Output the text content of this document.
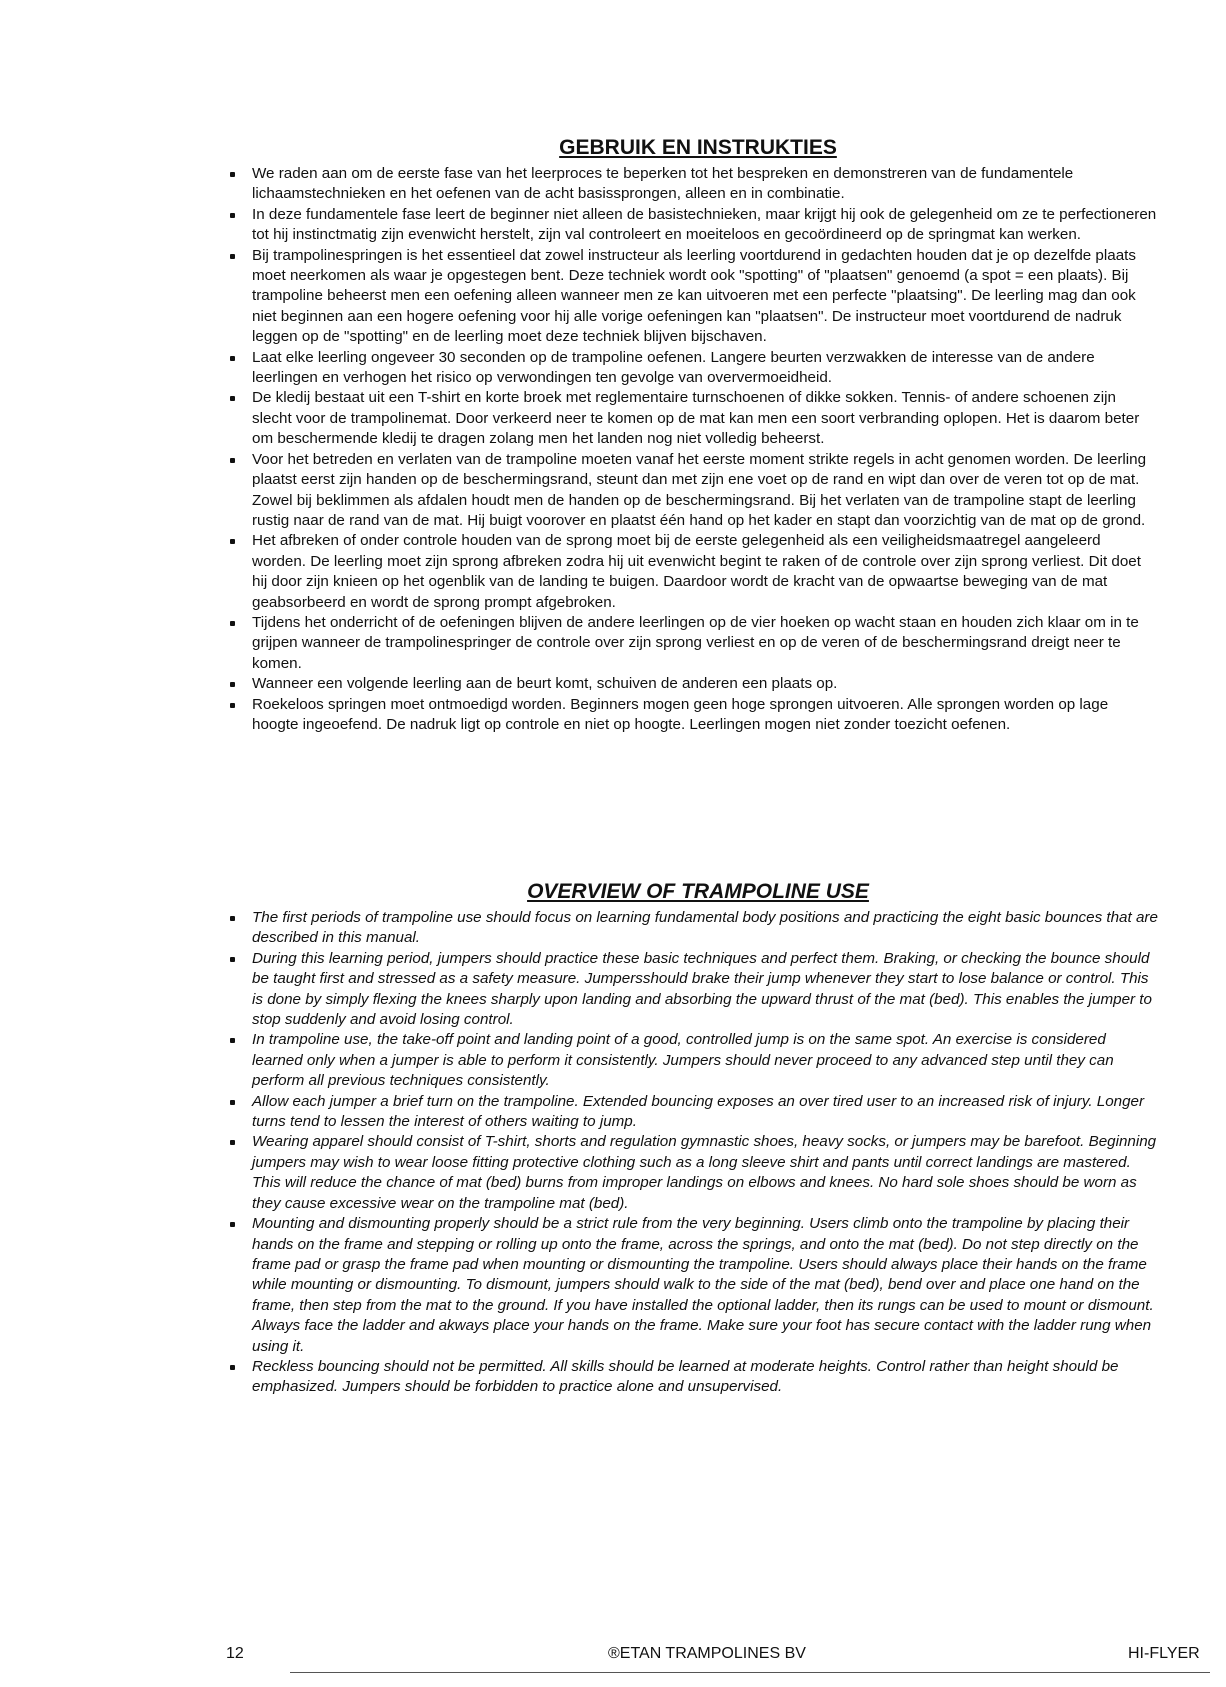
GEBRUIK EN INSTRUKTIES
We raden aan om de eerste fase van het leerproces te beperken tot het bespreken en demonstreren van de fundamentele lichaamstechnieken en het oefenen van de acht basissprongen, alleen en in combinatie.
In deze fundamentele fase leert de beginner niet alleen de basistechnieken, maar krijgt hij ook de gelegenheid om ze te perfectioneren tot hij instinctmatig zijn evenwicht herstelt, zijn val controleert en moeiteloos en gecoördineerd op de springmat kan werken.
Bij trampolinespringen is het essentieel dat zowel instructeur als leerling voortdurend in gedachten houden dat je op dezelfde plaats moet neerkomen als waar je opgestegen bent. Deze techniek wordt ook "spotting" of "plaatsen" genoemd (a spot = een plaats). Bij trampoline beheerst men een oefening alleen wanneer men ze kan uitvoeren met een perfecte "plaatsing". De leerling mag dan ook niet beginnen aan een hogere oefening voor hij alle vorige oefeningen kan "plaatsen". De instructeur moet voortdurend de nadruk leggen op de "spotting" en de leerling moet deze techniek blijven bijschaven.
Laat elke leerling ongeveer 30 seconden op de trampoline oefenen. Langere beurten verzwakken de interesse van de andere leerlingen en verhogen het risico op verwondingen ten gevolge van oververmoeidheid.
De kledij bestaat uit een T-shirt en korte broek met reglementaire turnschoenen of dikke sokken. Tennis- of andere schoenen zijn slecht voor de trampolinemat. Door verkeerd neer te komen op de mat kan men een soort verbranding oplopen. Het is daarom beter om beschermende kledij te dragen zolang men het landen nog niet volledig beheerst.
Voor het betreden en verlaten van de trampoline moeten vanaf het eerste moment strikte regels in acht genomen worden. De leerling plaatst eerst zijn handen op de beschermingsrand, steunt dan met zijn ene voet op de rand en wipt dan over de veren tot op de mat. Zowel bij beklimmen als afdalen houdt men de handen op de beschermingsrand. Bij het verlaten van de trampoline stapt de leerling rustig naar de rand van de mat. Hij buigt voorover en plaatst één hand op het kader en stapt dan voorzichtig van de mat op de grond.
Het afbreken of onder controle houden van de sprong moet bij de eerste gelegenheid als een veiligheidsmaatregel aangeleerd worden. De leerling moet zijn sprong afbreken zodra hij uit evenwicht begint te raken of de controle over zijn sprong verliest. Dit doet hij door zijn knieen op het ogenblik van de landing te buigen. Daardoor wordt de kracht van de opwaartse beweging van de mat geabsorbeerd en wordt de sprong prompt afgebroken.
Tijdens het onderricht of de oefeningen blijven de andere leerlingen op de vier hoeken op wacht staan en houden zich klaar om in te grijpen wanneer de trampolinespringer de controle over zijn sprong verliest en op de veren of de beschermingsrand dreigt neer te komen.
Wanneer een volgende leerling aan de beurt komt, schuiven de anderen een plaats op.
Roekeloos springen moet ontmoedigd worden. Beginners mogen geen hoge sprongen uitvoeren. Alle sprongen worden op lage hoogte ingeoefend. De nadruk ligt op controle en niet op hoogte. Leerlingen mogen niet zonder toezicht oefenen.
OVERVIEW OF TRAMPOLINE USE
The first periods of trampoline use should focus on learning fundamental body positions and practicing the eight basic bounces that are described in this manual.
During this learning period, jumpers should practice these basic techniques and perfect them. Braking, or checking the bounce should be taught first and stressed as a safety measure. Jumpersshould brake their jump whenever they start to lose balance or control. This is done by simply flexing the knees sharply upon landing and absorbing the upward thrust of the mat (bed). This enables the jumper to stop suddenly and avoid losing control.
In trampoline use, the take-off point and landing point of a good, controlled jump is on the same spot. An exercise is considered learned only when a jumper is able to perform it consistently. Jumpers should never proceed to any advanced step until they can perform all previous techniques consistently.
Allow each jumper a brief turn on the trampoline. Extended bouncing exposes an over tired user to an increased risk of injury. Longer turns tend to lessen the interest of others waiting to jump.
Wearing apparel should consist of T-shirt, shorts and regulation gymnastic shoes, heavy socks, or jumpers may be barefoot. Beginning jumpers may wish to wear loose fitting protective clothing such as a long sleeve shirt and pants until correct landings are mastered. This will reduce the chance of mat (bed) burns from improper landings on elbows and knees. No hard sole shoes should be worn as they cause excessive wear on the trampoline mat (bed).
Mounting and dismounting properly should be a strict rule from the very beginning. Users climb onto the trampoline by placing their hands on the frame and stepping or rolling up onto the frame, across the springs, and onto the mat (bed). Do not step directly on the frame pad or grasp the frame pad when mounting or dismounting the trampoline. Users should always place their hands on the frame while mounting or dismounting. To dismount, jumpers should walk to the side of the mat (bed), bend over and place one hand on the frame, then step from the mat to the ground. If you have installed the optional ladder, then its rungs can be used to mount or dismount. Always face the ladder and akways place your hands on the frame. Make sure your foot has secure contact with the ladder rung when using it.
Reckless bouncing should not be permitted. All skills should be learned at moderate heights. Control rather than height should be emphasized. Jumpers should be forbidden to practice alone and unsupervised.
12	®ETAN TRAMPOLINES BV	HI-FLYER
